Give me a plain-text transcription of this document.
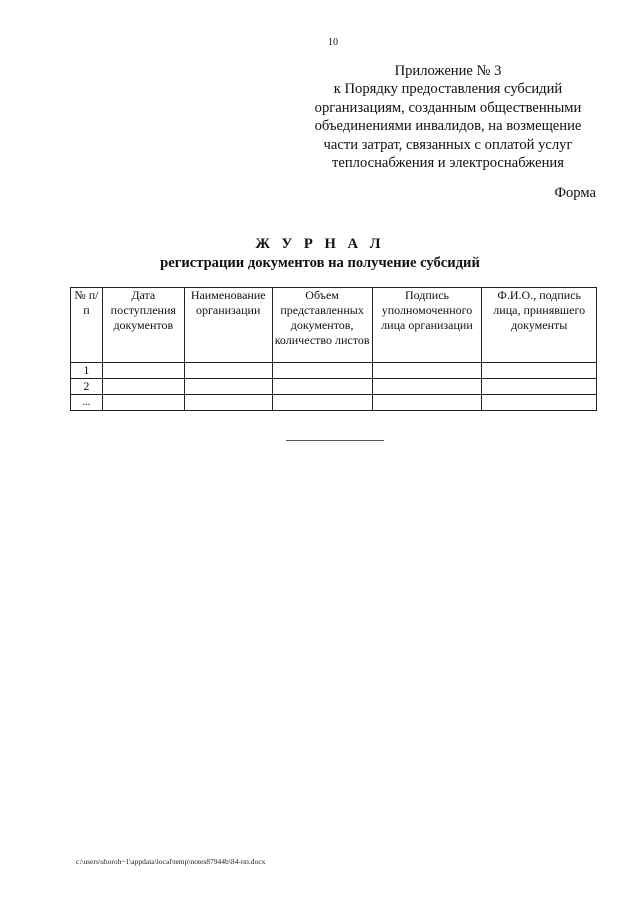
10
Приложение № 3
к Порядку предоставления субсидий
организациям, созданным общественными
объединениями инвалидов, на возмещение
части затрат, связанных с оплатой услуг
теплоснабжения и электроснабжения
Форма
Ж У Р Н А Л
регистрации документов на получение субсидий
№ п/п	Дата поступления документов	Наименование организации	Объем представленных документов, количество листов	Подпись уполномоченного лица организации	Ф.И.О., подпись лица, принявшего документы
1					
2					
...					
c:\users\shoroh~1\appdata\local\temp\notes87944b\84-пп.docx
